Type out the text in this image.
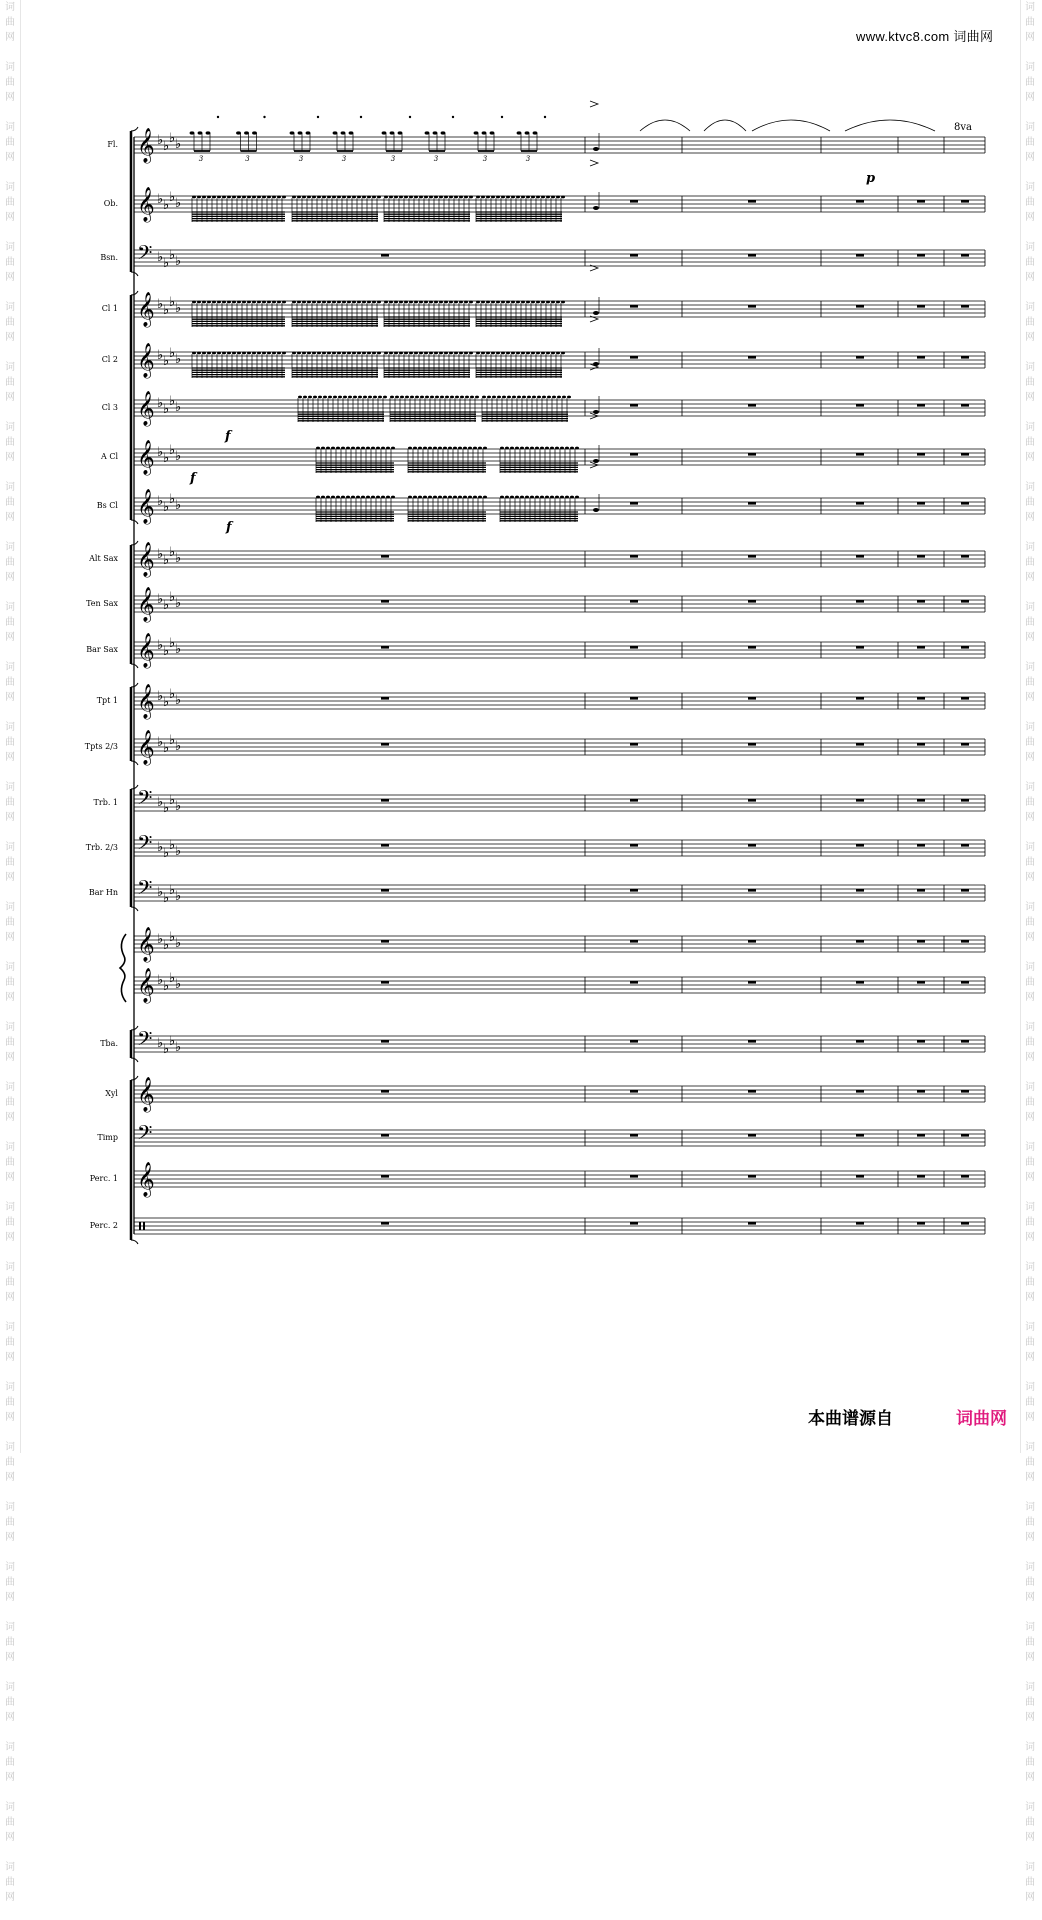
词
曲
网

词
曲
网

词
曲
网

词
曲
网

词
曲
网

词
曲
网

词
曲
网

词
曲
网

词
曲
网

词
曲
网

词
曲
网

词
曲
网

词
曲
网

词
曲
网

词
曲
网

词
曲
网

词
曲
网

词
曲
网

词
曲
网

词
曲
网

词
曲
网

词
曲
网

词
曲
网

词
曲
网

词
曲
网

词
曲
网

词
曲
网

词
曲
网

词
曲
网

词
曲
网

词
曲
网

词
曲
网

词
曲
网

词
曲
网

词
曲
网

词
曲
网

词
曲
网

词
曲
网

词
曲
网

词
曲
网

词
曲
网

词
曲
网

词
曲
网

词
曲
网

词
曲
网

词
曲
网

词
曲
网

词
曲
网

词
曲
网

词
曲
网

词
曲
网

词
曲
网

词
曲
网

词
曲
网

词
曲
网

词
曲
网

词
曲
网

词
曲
网

词
曲
网

词
曲
网

词
曲
网

词
曲
网

词
曲
网

词
曲
网

www.ktvc8.com 词曲网
Fl. 𝄞 ♭ ♭
♭ ♭
Ob. 𝄞 ♭ ♭
♭ ♭
Bsn. 𝄢 ♭ ♭
♭ ♭
Cl 1 𝄞 ♭ ♭
♭ ♭
Cl 2 𝄞 ♭ ♭
♭ ♭
Cl 3 𝄞 ♭ ♭
♭ ♭
A Cl 𝄞 ♭ ♭
♭ ♭
Bs Cl 𝄞 ♭ ♭
♭ ♭
Alt Sax 𝄞 ♭ ♭
♭ ♭
Ten Sax 𝄞 ♭ ♭
♭ ♭
Bar Sax 𝄞 ♭ ♭
♭ ♭
Tpt 1 𝄞 ♭ ♭
♭ ♭
Tpts 2/3 𝄞 ♭ ♭
♭ ♭
Trb. 1 𝄢 ♭ ♭
♭ ♭
Trb. 2/3 𝄢 ♭ ♭
♭ ♭
Bar Hn 𝄢 ♭ ♭
♭ ♭
𝄞 ♭ ♭
♭ ♭
𝄞 ♭ ♭
♭ ♭
Tba. 𝄢 ♭ ♭
♭ ♭
Xyl 𝄞
Timp 𝄢
Perc. 1 𝄞
Perc. 2
3	3	3	3	3	3	3	3
f
f
f
p
8va
本曲谱源自	词曲网
